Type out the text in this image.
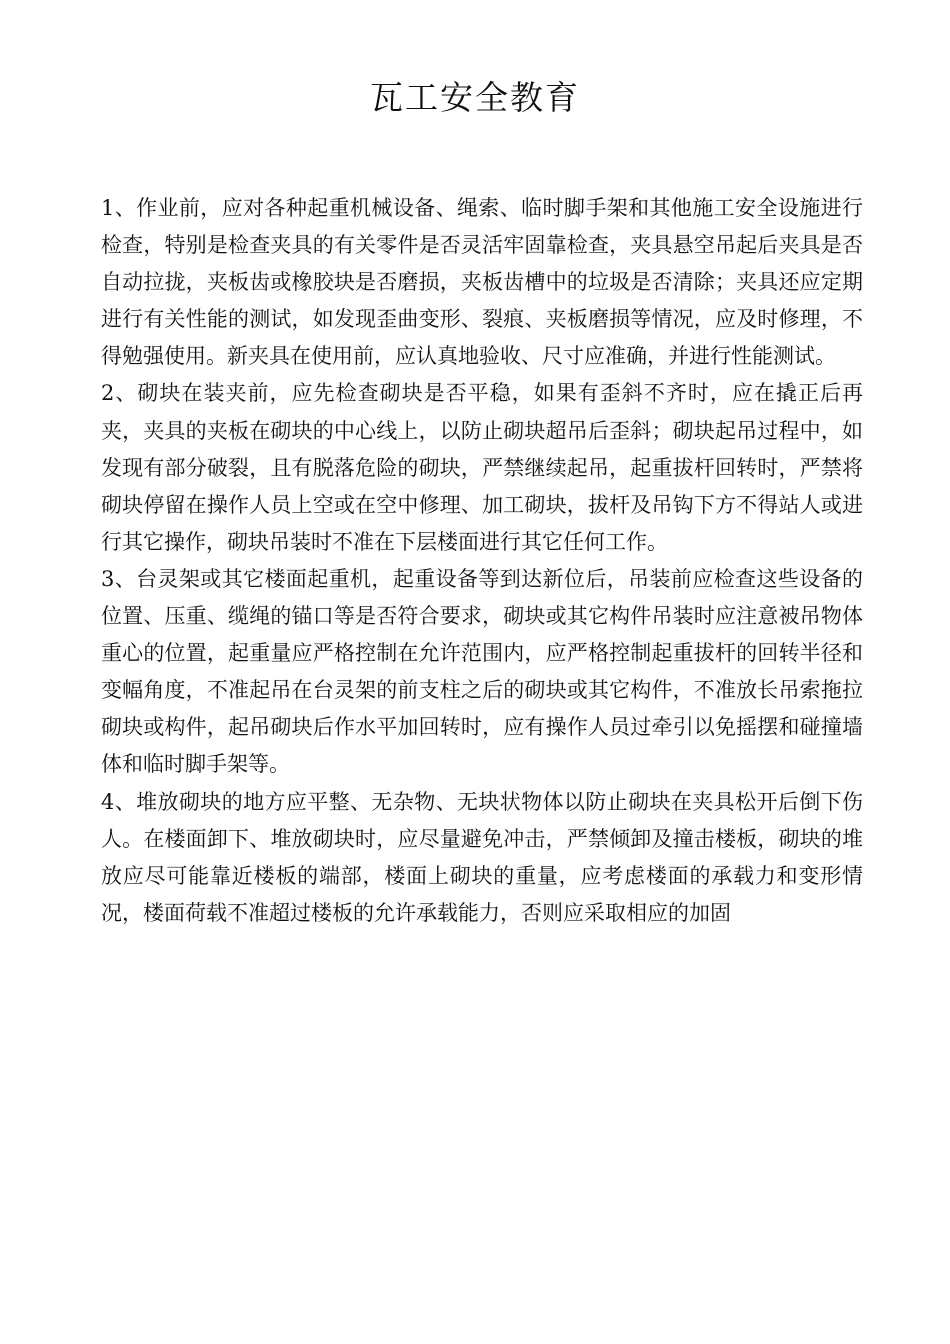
瓦工安全教育

1、作业前，应对各种起重机械设备、绳索、临时脚手架和其他施工安全设施进行检查，特别是检查夹具的有关零件是否灵活牢固靠检查，夹具悬空吊起后夹具是否自动拉拢，夹板齿或橡胶块是否磨损，夹板齿槽中的垃圾是否清除；夹具还应定期进行有关性能的测试，如发现歪曲变形、裂痕、夹板磨损等情况，应及时修理，不得勉强使用。新夹具在使用前，应认真地验收、尺寸应准确，并进行性能测试。

2、砌块在装夹前，应先检查砌块是否平稳，如果有歪斜不齐时，应在撬正后再夹，夹具的夹板在砌块的中心线上，以防止砌块超吊后歪斜；砌块起吊过程中，如发现有部分破裂，且有脱落危险的砌块，严禁继续起吊，起重拔杆回转时，严禁将砌块停留在操作人员上空或在空中修理、加工砌块，拔杆及吊钩下方不得站人或进行其它操作，砌块吊装时不准在下层楼面进行其它任何工作。

3、台灵架或其它楼面起重机，起重设备等到达新位后，吊装前应检查这些设备的位置、压重、缆绳的锚口等是否符合要求，砌块或其它构件吊装时应注意被吊物体重心的位置，起重量应严格控制在允许范围内，应严格控制起重拔杆的回转半径和变幅角度，不准起吊在台灵架的前支柱之后的砌块或其它构件，不准放长吊索拖拉砌块或构件，起吊砌块后作水平加回转时，应有操作人员过牵引以免摇摆和碰撞墙体和临时脚手架等。

4、堆放砌块的地方应平整、无杂物、无块状物体以防止砌块在夹具松开后倒下伤人。在楼面卸下、堆放砌块时，应尽量避免冲击，严禁倾卸及撞击楼板，砌块的堆放应尽可能靠近楼板的端部，楼面上砌块的重量，应考虑楼面的承载力和变形情况，楼面荷载不准超过楼板的允许承载能力，否则应采取相应的加固
